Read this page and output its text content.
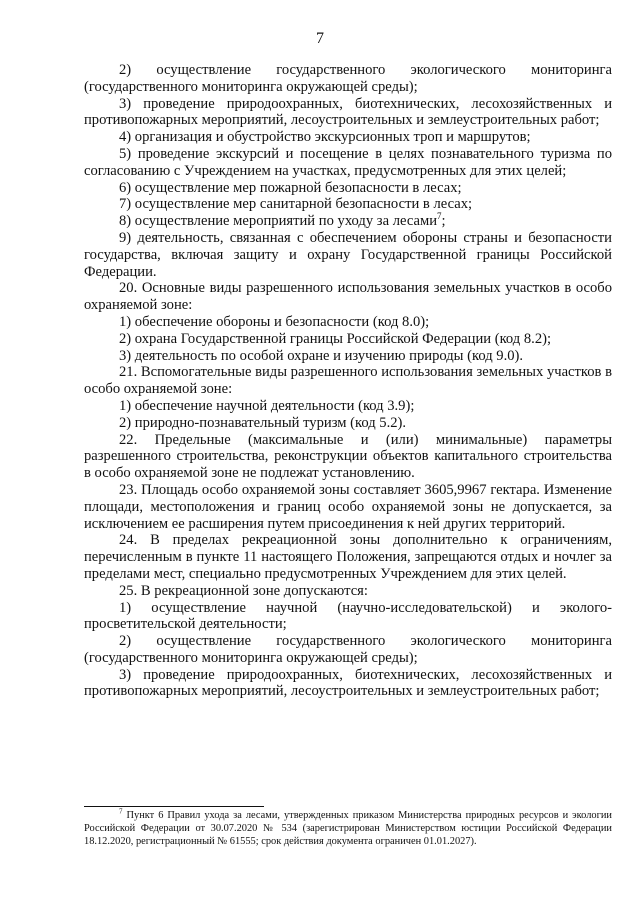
7

2) осуществление государственного экологического мониторинга (государственного мониторинга окружающей среды);

3) проведение природоохранных, биотехнических, лесохозяйственных и противопожарных мероприятий, лесоустроительных и землеустроительных работ;

4) организация и обустройство экскурсионных троп и маршрутов;

5) проведение экскурсий и посещение в целях познавательного туризма по согласованию с Учреждением на участках, предусмотренных для этих целей;

6) осуществление мер пожарной безопасности в лесах;

7) осуществление мер санитарной безопасности в лесах;

8) осуществление мероприятий по уходу за лесами$^7$;

9) деятельность, связанная с обеспечением обороны страны и безопасности государства, включая защиту и охрану Государственной границы Российской Федерации.

20. Основные виды разрешенного использования земельных участков в особо охраняемой зоне:

1) обеспечение обороны и безопасности (код 8.0);

2) охрана Государственной границы Российской Федерации (код 8.2);

3) деятельность по особой охране и изучению природы (код 9.0).

21. Вспомогательные виды разрешенного использования земельных участков в особо охраняемой зоне:

1) обеспечение научной деятельности (код 3.9);

2) природно-познавательный туризм (код 5.2).

22. Предельные (максимальные и (или) минимальные) параметры разрешенного строительства, реконструкции объектов капитального строительства в особо охраняемой зоне не подлежат установлению.

23. Площадь особо охраняемой зоны составляет 3605,9967 гектара. Изменение площади, местоположения и границ особо охраняемой зоны не допускается, за исключением ее расширения путем присоединения к ней других территорий.

24. В пределах рекреационной зоны дополнительно к ограничениям, перечисленным в пункте 11 настоящего Положения, запрещаются отдых и ночлег за пределами мест, специально предусмотренных Учреждением для этих целей.

25. В рекреационной зоне допускаются:

1) осуществление научной (научно-исследовательской) и эколого-просветительской деятельности;

2) осуществление государственного экологического мониторинга (государственного мониторинга окружающей среды);

3) проведение природоохранных, биотехнических, лесохозяйственных и противопожарных мероприятий, лесоустроительных и землеустроительных работ;

$^7$ Пункт 6 Правил ухода за лесами, утвержденных приказом Министерства природных ресурсов и экологии Российской Федерации от 30.07.2020 № 534 (зарегистрирован Министерством юстиции Российской Федерации 18.12.2020, регистрационный № 61555; срок действия документа ограничен 01.01.2027).
